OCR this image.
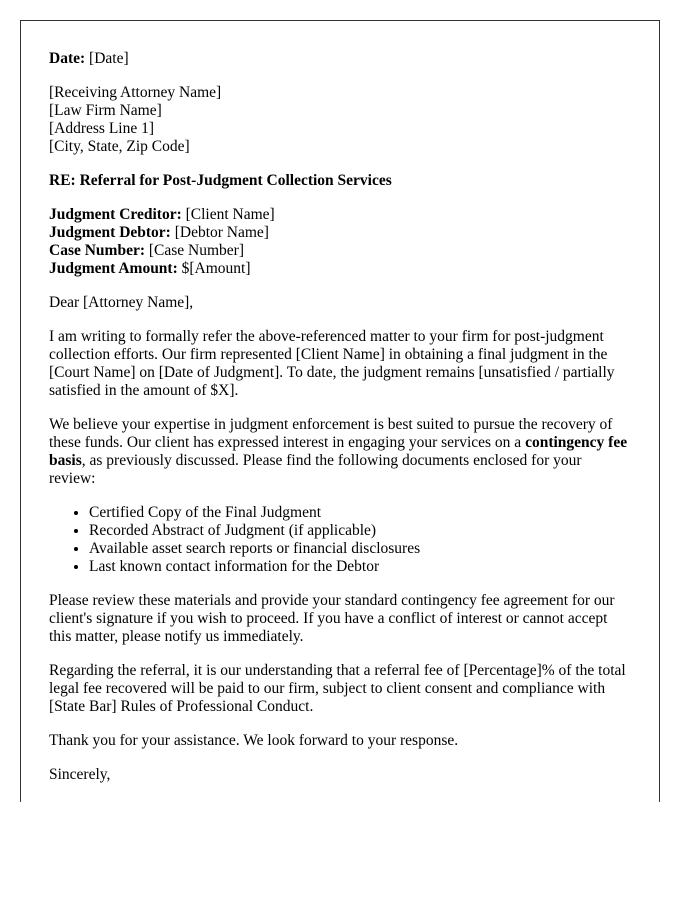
Date: [Date]

[Receiving Attorney Name]
[Law Firm Name]
[Address Line 1]
[City, State, Zip Code]

RE: Referral for Post-Judgment Collection Services

Judgment Creditor: [Client Name]
Judgment Debtor: [Debtor Name]
Case Number: [Case Number]
Judgment Amount: $[Amount]

Dear [Attorney Name],

I am writing to formally refer the above-referenced matter to your firm for post-judgment collection efforts. Our firm represented [Client Name] in obtaining a final judgment in the [Court Name] on [Date of Judgment]. To date, the judgment remains [unsatisfied / partially satisfied in the amount of $X].

We believe your expertise in judgment enforcement is best suited to pursue the recovery of these funds. Our client has expressed interest in engaging your services on a contingency fee basis, as previously discussed. Please find the following documents enclosed for your review:

• Certified Copy of the Final Judgment
• Recorded Abstract of Judgment (if applicable)
• Available asset search reports or financial disclosures
• Last known contact information for the Debtor

Please review these materials and provide your standard contingency fee agreement for our client's signature if you wish to proceed. If you have a conflict of interest or cannot accept this matter, please notify us immediately.

Regarding the referral, it is our understanding that a referral fee of [Percentage]% of the total legal fee recovered will be paid to our firm, subject to client consent and compliance with [State Bar] Rules of Professional Conduct.

Thank you for your assistance. We look forward to your response.

Sincerely,
